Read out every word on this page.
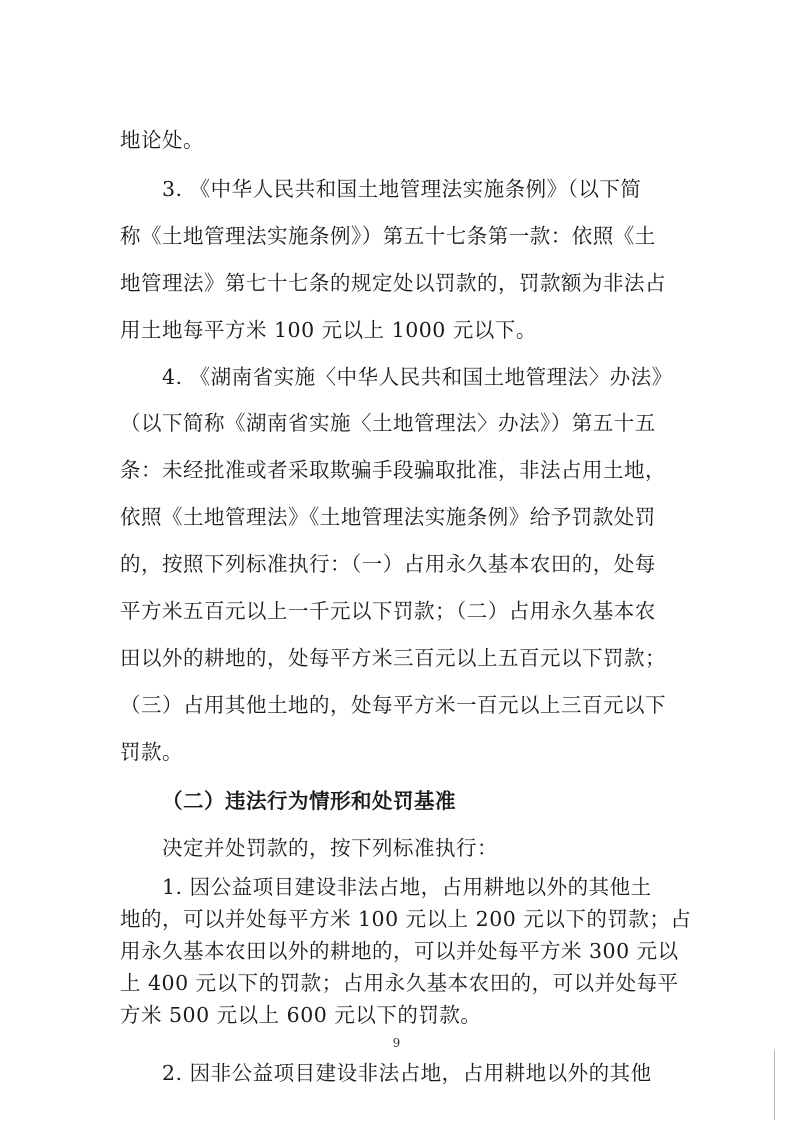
地论处。
3. 《中华人民共和国土地管理法实施条例》（以下简
称《土地管理法实施条例》）第五十七条第一款：依照《土
地管理法》第七十七条的规定处以罚款的，罚款额为非法占
用土地每平方米 100 元以上 1000 元以下。
4. 《湖南省实施〈中华人民共和国土地管理法〉办法》
（以下简称《湖南省实施〈土地管理法〉办法》）第五十五
条：未经批准或者采取欺骗手段骗取批准，非法占用土地，
依照《土地管理法》《土地管理法实施条例》给予罚款处罚
的，按照下列标准执行：（一）占用永久基本农田的，处每
平方米五百元以上一千元以下罚款；（二）占用永久基本农
田以外的耕地的，处每平方米三百元以上五百元以下罚款；
（三）占用其他土地的，处每平方米一百元以上三百元以下
罚款。
（二）违法行为情形和处罚基准
决定并处罚款的，按下列标准执行：
1. 因公益项目建设非法占地，占用耕地以外的其他土
地的，可以并处每平方米 100 元以上 200 元以下的罚款；占
用永久基本农田以外的耕地的，可以并处每平方米 300 元以
9
上 400 元以下的罚款；占用永久基本农田的，可以并处每平
方米 500 元以上 600 元以下的罚款。
2. 因非公益项目建设非法占地，占用耕地以外的其他
